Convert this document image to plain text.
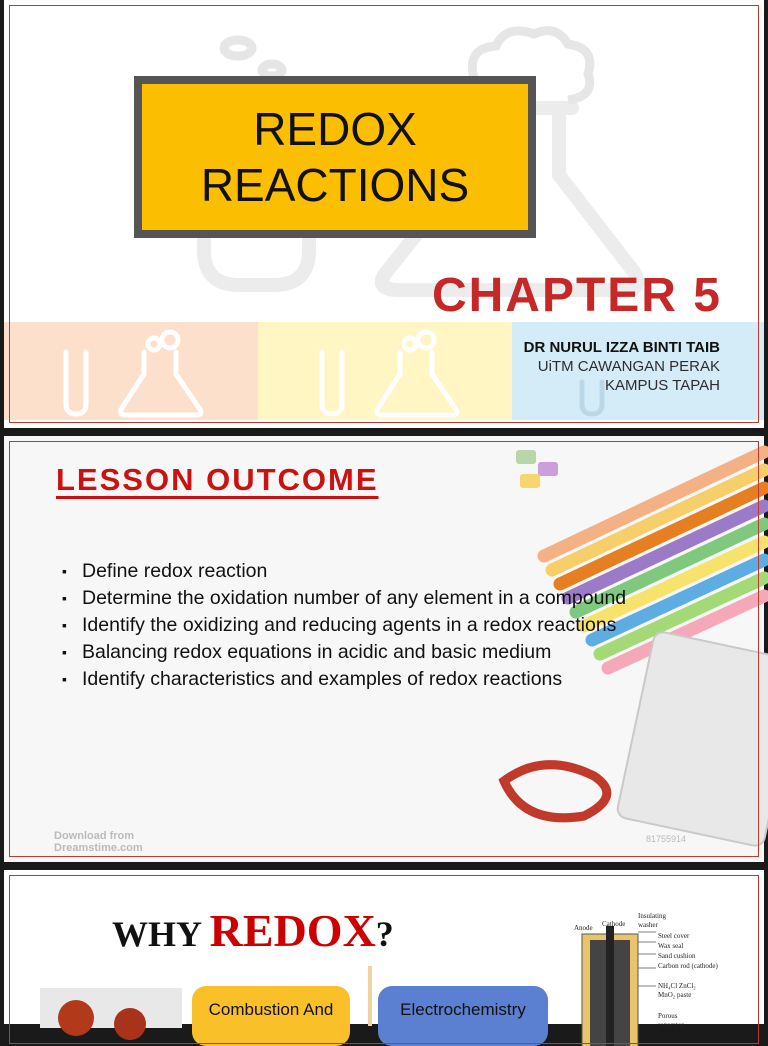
REDOX
REACTIONS
CHAPTER 5
DR NURUL IZZA BINTI TAIB
UiTM CAWANGAN PERAK
KAMPUS TAPAH
LESSON OUTCOME
▪ Define redox reaction
▪ Determine the oxidation number of any element in a compound
▪ Identify the oxidizing and reducing agents in a redox reactions
▪ Balancing redox equations in acidic and basic medium
▪ Identify characteristics and examples of redox reactions
Download from
Dreamstime.com
81755914
WHY REDOX?
Combustion And	Electrochemistry
Insulating washer
Cathode
Anode
Steel cover
Wax seal
Sand cushion
Carbon rod (cathode)
NH₄Cl ZnCl₂ MnO₂ paste
Porous separator
